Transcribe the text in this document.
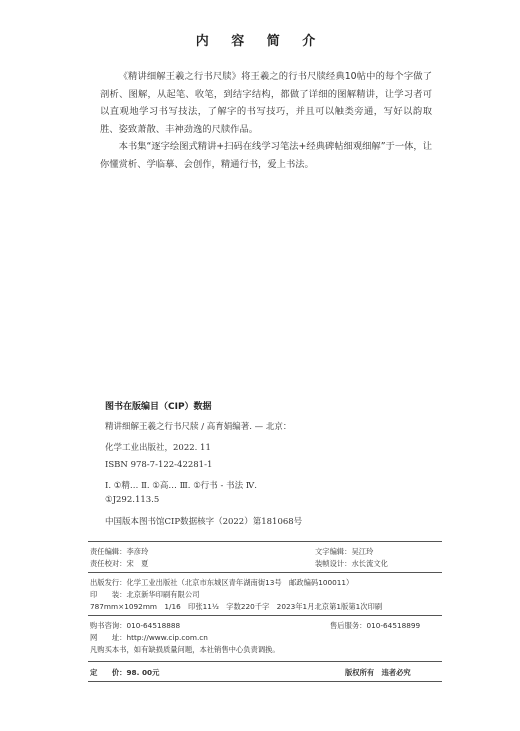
内 容 简 介

《精讲细解王羲之行书尺牍》将王羲之的行书尺牍经典10帖中的每个字做了剖析、图解，从起笔、收笔，到结字结构，都做了详细的图解精讲，让学习者可以直观地学习书写技法，了解字的书写技巧，并且可以触类旁通，写好以韵取胜、姿致萧散、丰神劲逸的尺牍作品。

本书集“逐字绘图式精讲+扫码在线学习笔法+经典碑帖细观细解”于一体，让你懂赏析、学临摹、会创作，精通行书，爱上书法。

图书在版编目（CIP）数据
精讲细解王羲之行书尺牍 / 高育娟编著. — 北京：
化学工业出版社，2022. 11
ISBN 978-7-122-42281-1
Ⅰ. ①精… Ⅱ. ①高… Ⅲ. ①行书 - 书法 Ⅳ.
①J292.113.5
中国版本图书馆CIP数据核字（2022）第181068号
责任编辑：李彦玲	文字编辑：吴江玲
责任校对：宋　夏	装帧设计：水长流文化
出版发行：化学工业出版社（北京市东城区青年湖南街13号　邮政编码100011）
印　　装：北京新华印刷有限公司
787mm×1092mm　1/16　印张11½　字数220千字　2023年1月北京第1版第1次印刷
购书咨询：010-64518888	售后服务：010-64518899
网　　址：http://www.cip.com.cn
凡购买本书，如有缺损质量问题，本社销售中心负责调换。
定　　价：98. 00元	版权所有　违者必究
